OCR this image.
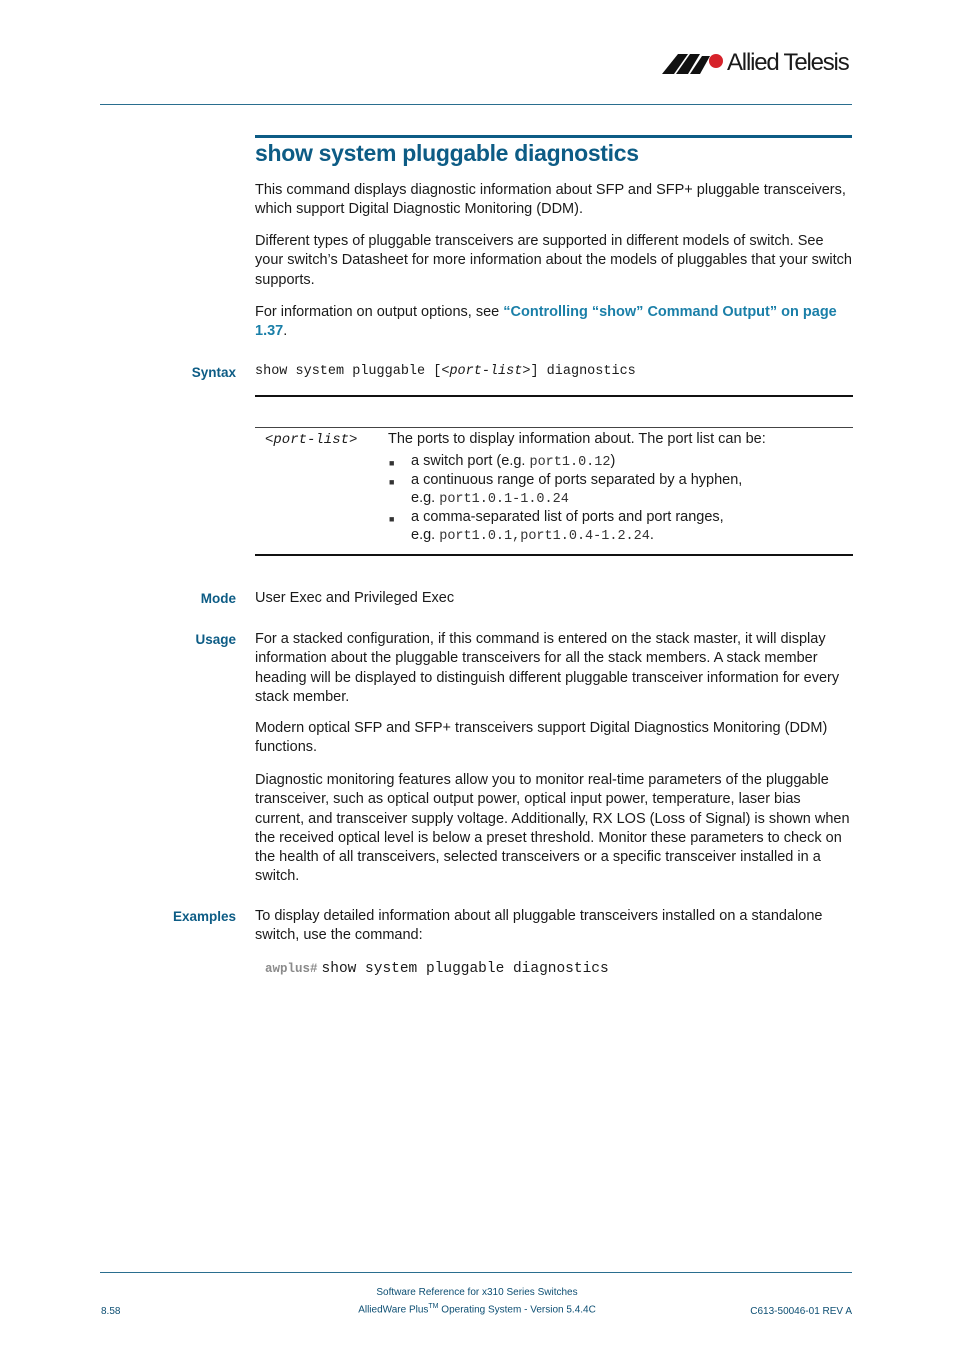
Allied Telesis
show system pluggable diagnostics

This command displays diagnostic information about SFP and SFP+ pluggable transceivers, which support Digital Diagnostic Monitoring (DDM).

Different types of pluggable transceivers are supported in different models of switch. See your switch’s Datasheet for more information about the models of pluggables that your switch supports.

For information on output options, see “Controlling “show” Command Output” on page 1.37.

Syntax show system pluggable [<port-list>] diagnostics
<port-list> The ports to display information about. The port list can be:
■ a switch port (e.g. port1.0.12)
■ a continuous range of ports separated by a hyphen,
e.g. port1.0.1-1.0.24
■ a comma-separated list of ports and port ranges,
e.g. port1.0.1,port1.0.4-1.2.24.
Mode User Exec and Privileged Exec

Usage For a stacked configuration, if this command is entered on the stack master, it will display information about the pluggable transceivers for all the stack members. A stack member heading will be displayed to distinguish different pluggable transceiver information for every stack member.

Modern optical SFP and SFP+ transceivers support Digital Diagnostics Monitoring (DDM) functions.

Diagnostic monitoring features allow you to monitor real-time parameters of the pluggable transceiver, such as optical output power, optical input power, temperature, laser bias current, and transceiver supply voltage. Additionally, RX LOS (Loss of Signal) is shown when the received optical level is below a preset threshold. Monitor these parameters to check on the health of all transceivers, selected transceivers or a specific transceiver installed in a switch.

Examples To display detailed information about all pluggable transceivers installed on a standalone switch, use the command:

awplus# show system pluggable diagnostics
Software Reference for x310 Series Switches
8.58	AlliedWare Plus™ Operating System - Version 5.4.4C	C613-50046-01 REV A
